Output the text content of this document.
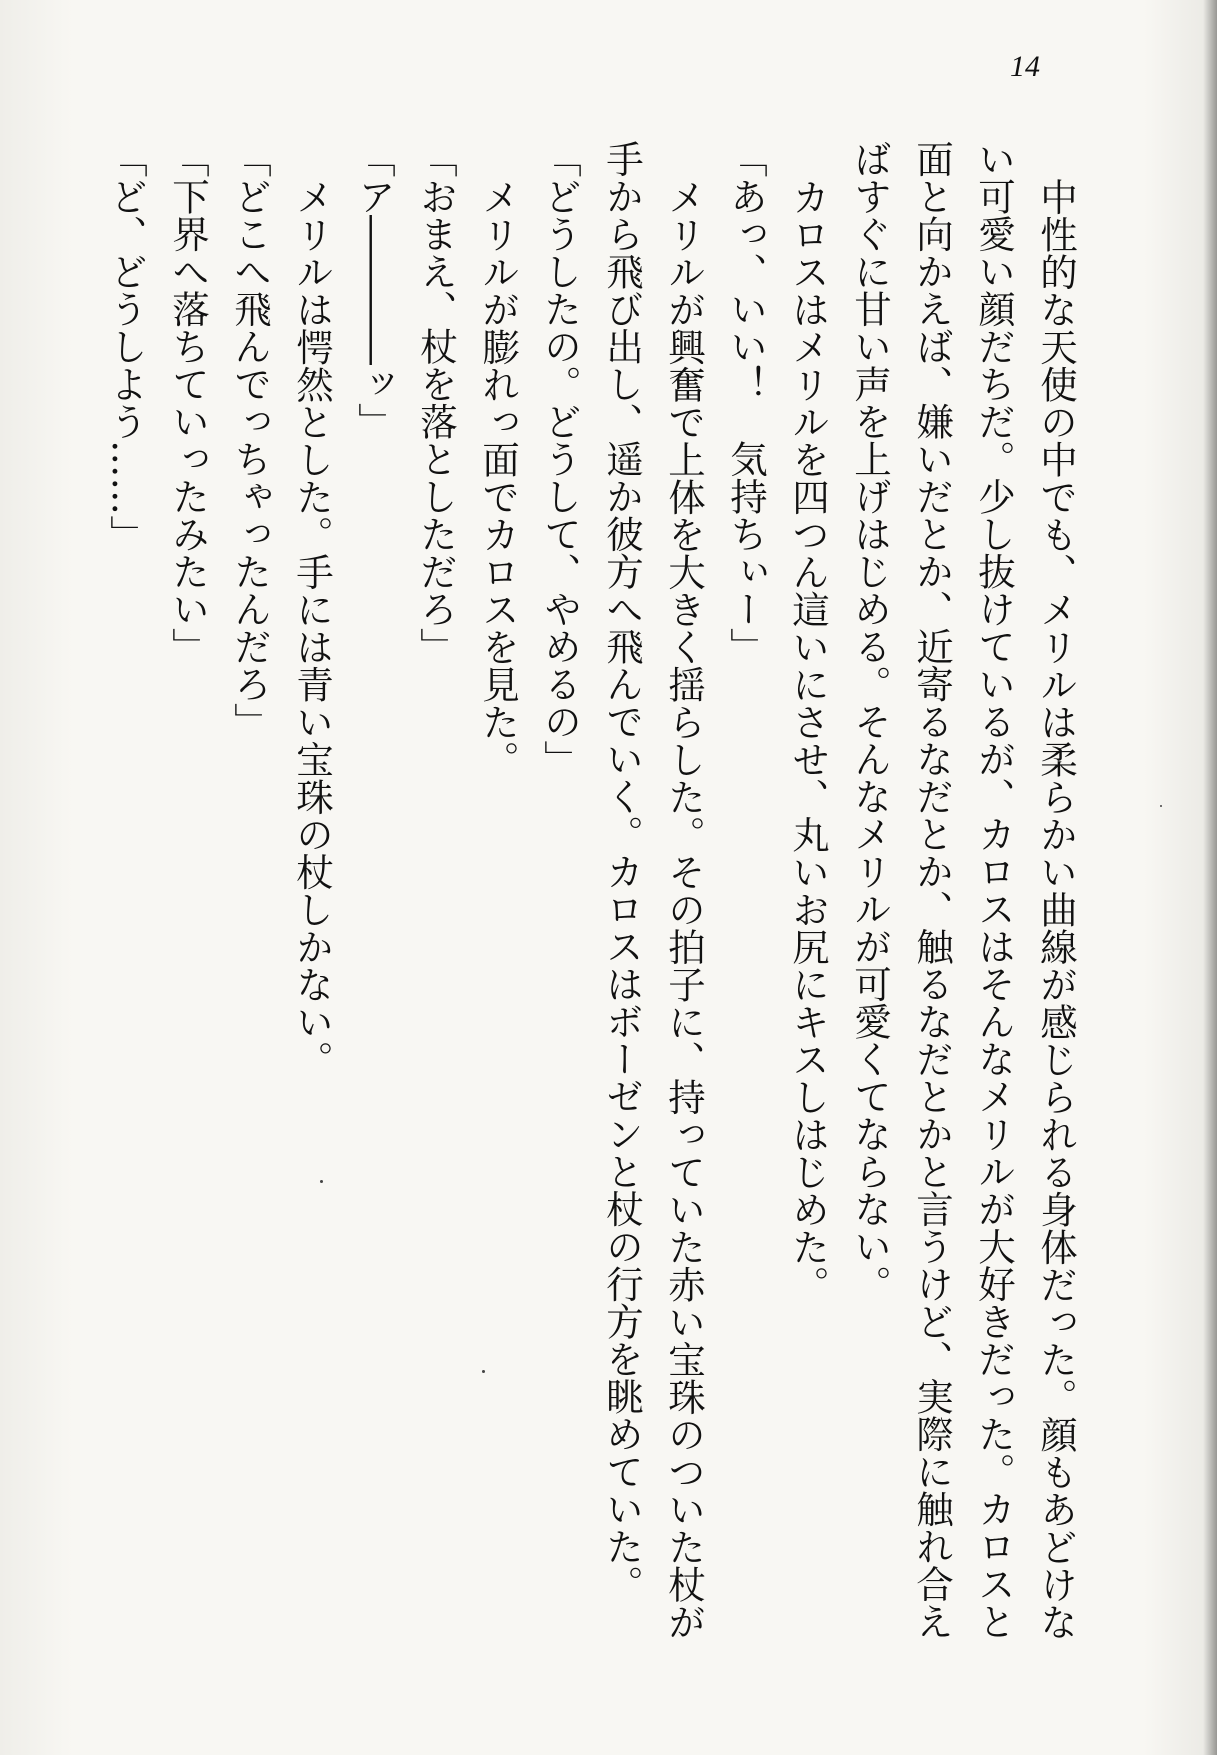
14
中性的な天使の中でも、メリルは柔らかい曲線が感じられる身体だった。顔もあどけな
い可愛い顔だちだ。少し抜けているが、カロスはそんなメリルが大好きだった。カロスと
面と向かえば、嫌いだとか、近寄るなだとか、触るなだとかと言うけど、実際に触れ合え
ばすぐに甘い声を上げはじめる。そんなメリルが可愛くてならない。
カロスはメリルを四つん這いにさせ、丸いお尻にキスしはじめた。
「あっ、いい！　気持ちぃー」
メリルが興奮で上体を大きく揺らした。その拍子に、持っていた赤い宝珠のついた杖が
手から飛び出し、遥か彼方へ飛んでいく。カロスはボーゼンと杖の行方を眺めていた。
「どうしたの。どうして、やめるの」
メリルが膨れっ面でカロスを見た。
「おまえ、杖を落としただろ」
「ア――――ッ」
メリルは愕然とした。手には青い宝珠の杖しかない。
「どこへ飛んでっちゃったんだろ」
「下界へ落ちていったみたい」
「ど、どうしよう……」
